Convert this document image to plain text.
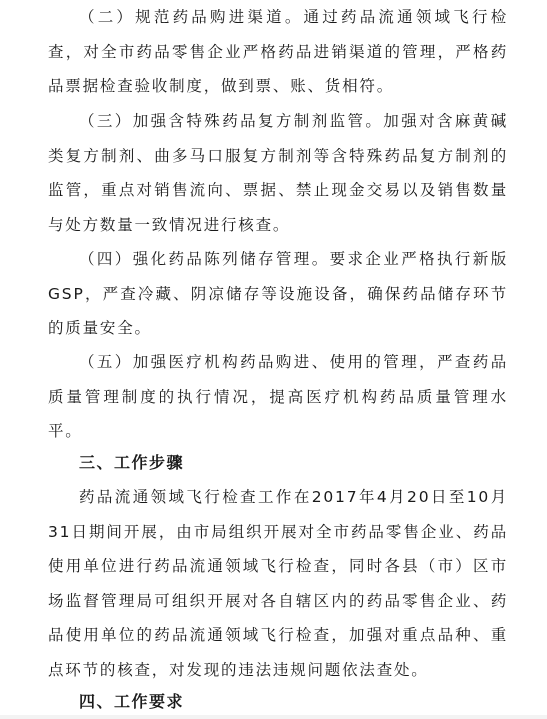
（二）规范药品购进渠道。通过药品流通领域飞行检查，对全市药品零售企业严格药品进销渠道的管理，严格药品票据检查验收制度，做到票、账、货相符。

（三）加强含特殊药品复方制剂监管。加强对含麻黄碱类复方制剂、曲多马口服复方制剂等含特殊药品复方制剂的监管，重点对销售流向、票据、禁止现金交易以及销售数量与处方数量一致情况进行核查。

（四）强化药品陈列储存管理。要求企业严格执行新版GSP，严查冷藏、阴凉储存等设施设备，确保药品储存环节的质量安全。

（五）加强医疗机构药品购进、使用的管理，严查药品质量管理制度的执行情况，提高医疗机构药品质量管理水平。

三、工作步骤

药品流通领域飞行检查工作在2017年4月20日至10月31日期间开展，由市局组织开展对全市药品零售企业、药品使用单位进行药品流通领域飞行检查，同时各县（市）区市场监督管理局可组织开展对各自辖区内的药品零售企业、药品使用单位的药品流通领域飞行检查，加强对重点品种、重点环节的核查，对发现的违法违规问题依法查处。

四、工作要求
